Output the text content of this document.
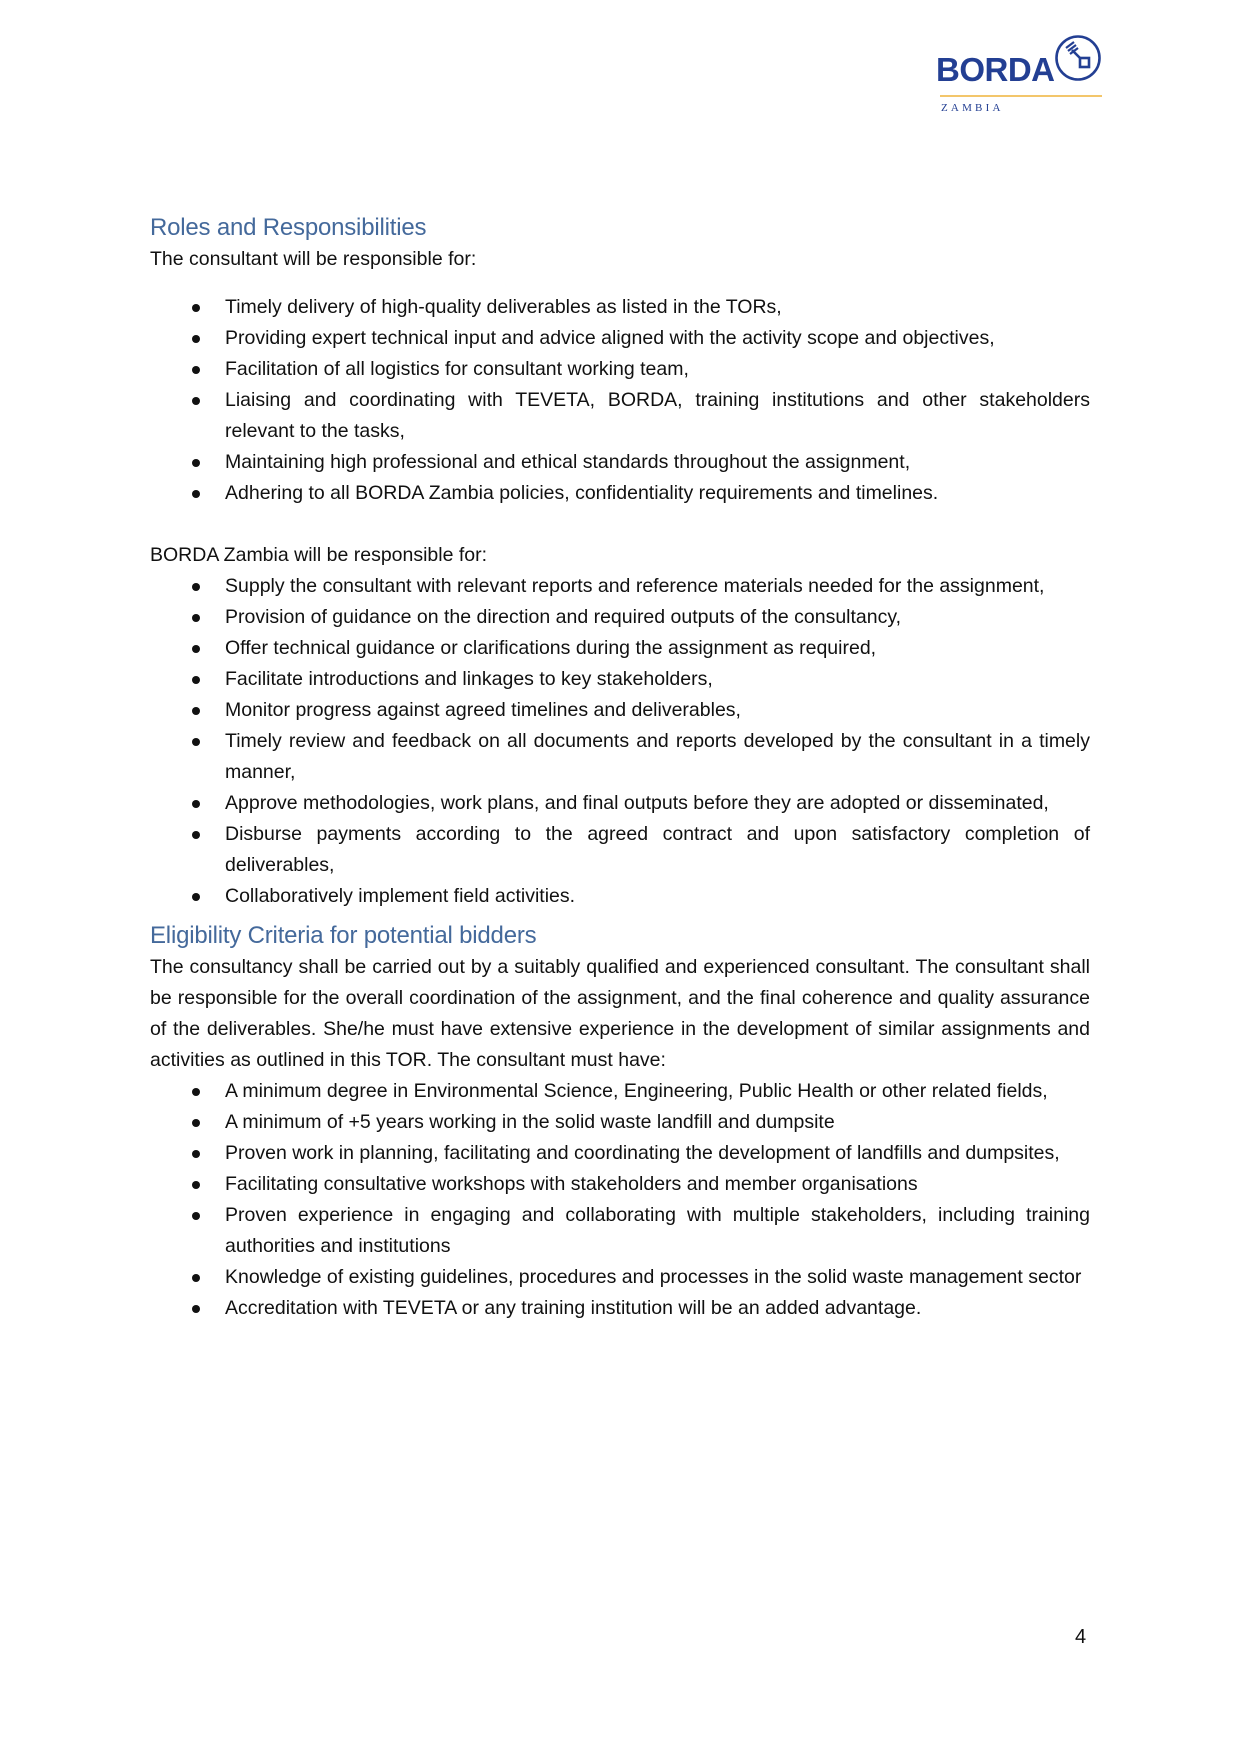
BORDA
ZAMBIA
Roles and Responsibilities

The consultant will be responsible for:

Timely delivery of high-quality deliverables as listed in the TORs,
Providing expert technical input and advice aligned with the activity scope and objectives,
Facilitation of all logistics for consultant working team,
Liaising and coordinating with TEVETA, BORDA, training institutions and other stakeholders relevant to the tasks,
Maintaining high professional and ethical standards throughout the assignment,
Adhering to all BORDA Zambia policies, confidentiality requirements and timelines.

BORDA Zambia will be responsible for:

Supply the consultant with relevant reports and reference materials needed for the assignment,
Provision of guidance on the direction and required outputs of the consultancy,
Offer technical guidance or clarifications during the assignment as required,
Facilitate introductions and linkages to key stakeholders,
Monitor progress against agreed timelines and deliverables,
Timely review and feedback on all documents and reports developed by the consultant in a timely manner,
Approve methodologies, work plans, and final outputs before they are adopted or disseminated,
Disburse payments according to the agreed contract and upon satisfactory completion of deliverables,
Collaboratively implement field activities.
Eligibility Criteria for potential bidders

The consultancy shall be carried out by a suitably qualified and experienced consultant. The consultant shall be responsible for the overall coordination of the assignment, and the final coherence and quality assurance of the deliverables. She/he must have extensive experience in the development of similar assignments and activities as outlined in this TOR. The consultant must have:

A minimum degree in Environmental Science, Engineering, Public Health or other related fields,
A minimum of +5 years working in the solid waste landfill and dumpsite
Proven work in planning, facilitating and coordinating the development of landfills and dumpsites,
Facilitating consultative workshops with stakeholders and member organisations
Proven experience in engaging and collaborating with multiple stakeholders, including training authorities and institutions
Knowledge of existing guidelines, procedures and processes in the solid waste management sector
Accreditation with TEVETA or any training institution will be an added advantage.
4
